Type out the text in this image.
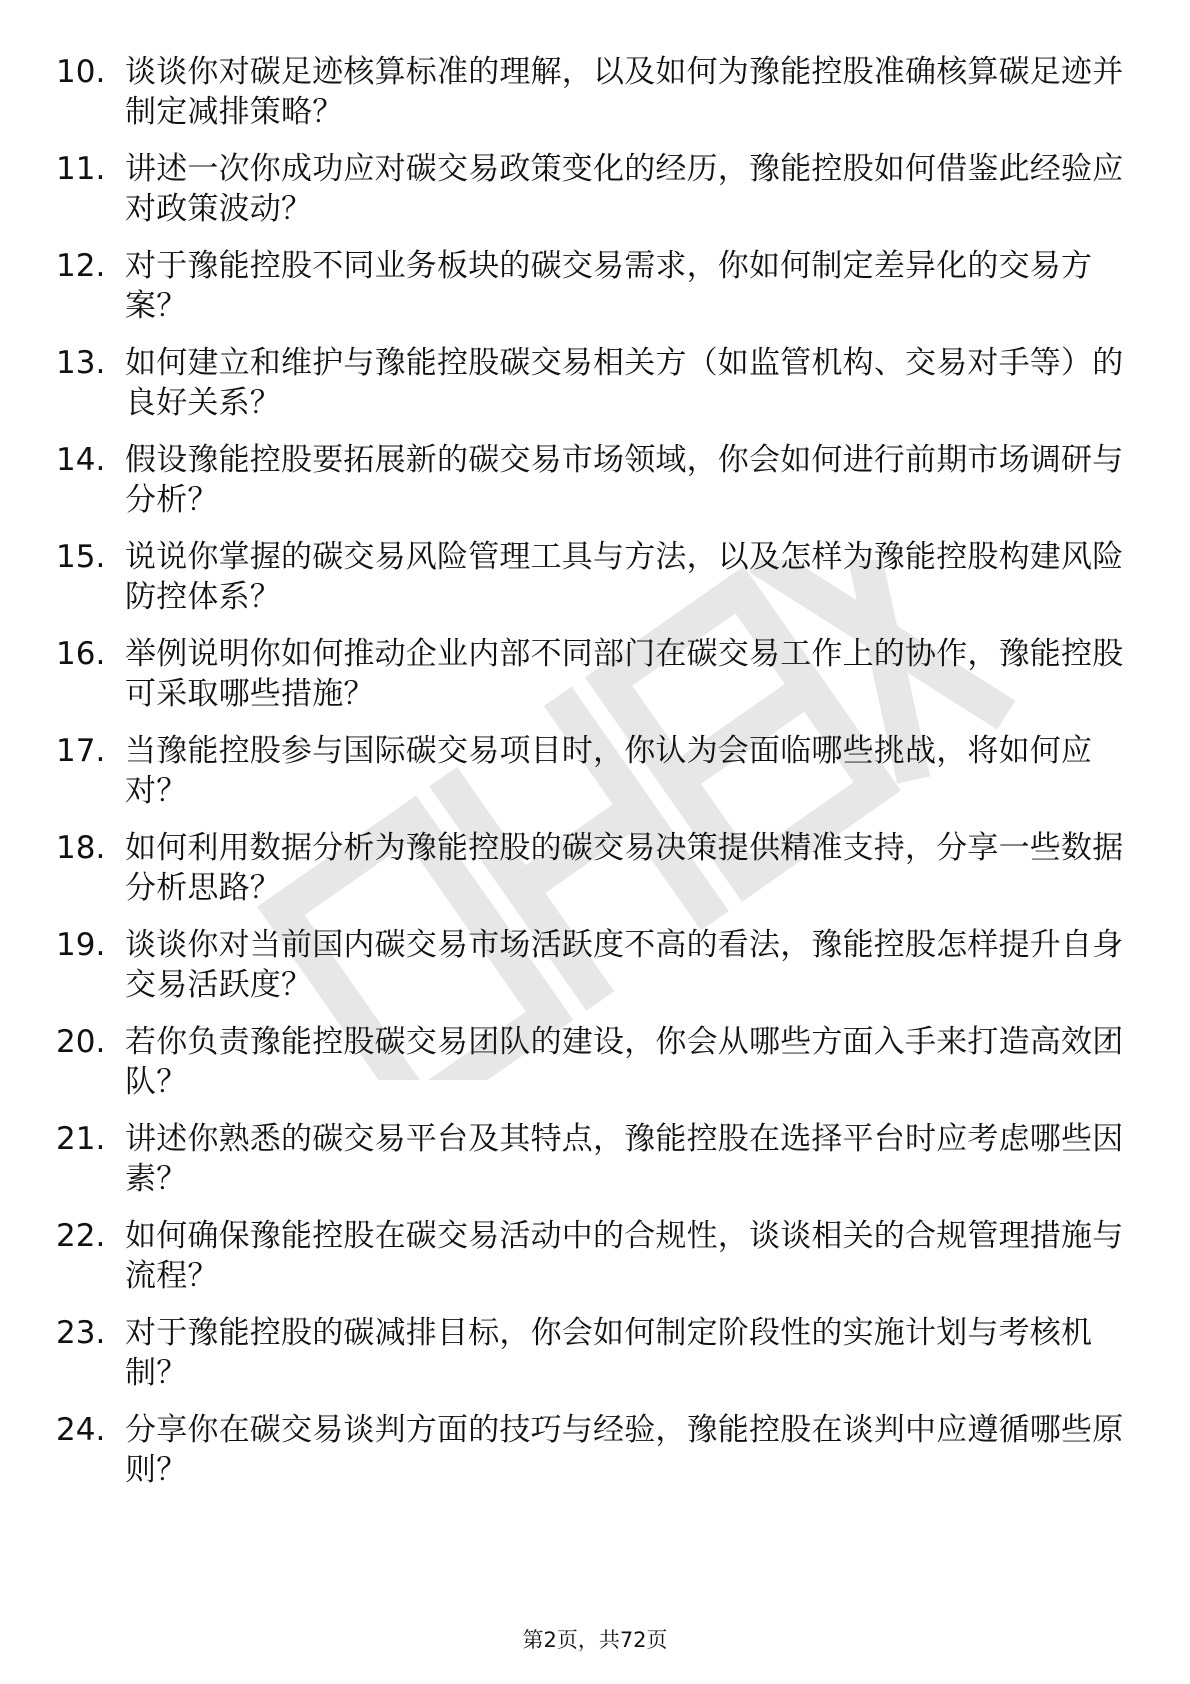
10. 谈谈你对碳足迹核算标准的理解，以及如何为豫能控股准确核算碳足迹并制定减排策略？
11. 讲述一次你成功应对碳交易政策变化的经历，豫能控股如何借鉴此经验应对政策波动？
12. 对于豫能控股不同业务板块的碳交易需求，你如何制定差异化的交易方案？
13. 如何建立和维护与豫能控股碳交易相关方（如监管机构、交易对手等）的良好关系？
14. 假设豫能控股要拓展新的碳交易市场领域，你会如何进行前期市场调研与分析？
15. 说说你掌握的碳交易风险管理工具与方法，以及怎样为豫能控股构建风险防控体系？
16. 举例说明你如何推动企业内部不同部门在碳交易工作上的协作，豫能控股可采取哪些措施？
17. 当豫能控股参与国际碳交易项目时，你认为会面临哪些挑战，将如何应对？
18. 如何利用数据分析为豫能控股的碳交易决策提供精准支持，分享一些数据分析思路？
19. 谈谈你对当前国内碳交易市场活跃度不高的看法，豫能控股怎样提升自身交易活跃度？
20. 若你负责豫能控股碳交易团队的建设，你会从哪些方面入手来打造高效团队？
21. 讲述你熟悉的碳交易平台及其特点，豫能控股在选择平台时应考虑哪些因素？
22. 如何确保豫能控股在碳交易活动中的合规性，谈谈相关的合规管理措施与流程？
23. 对于豫能控股的碳减排目标，你会如何制定阶段性的实施计划与考核机制？
24. 分享你在碳交易谈判方面的技巧与经验，豫能控股在谈判中应遵循哪些原则？
第2页，共72页
